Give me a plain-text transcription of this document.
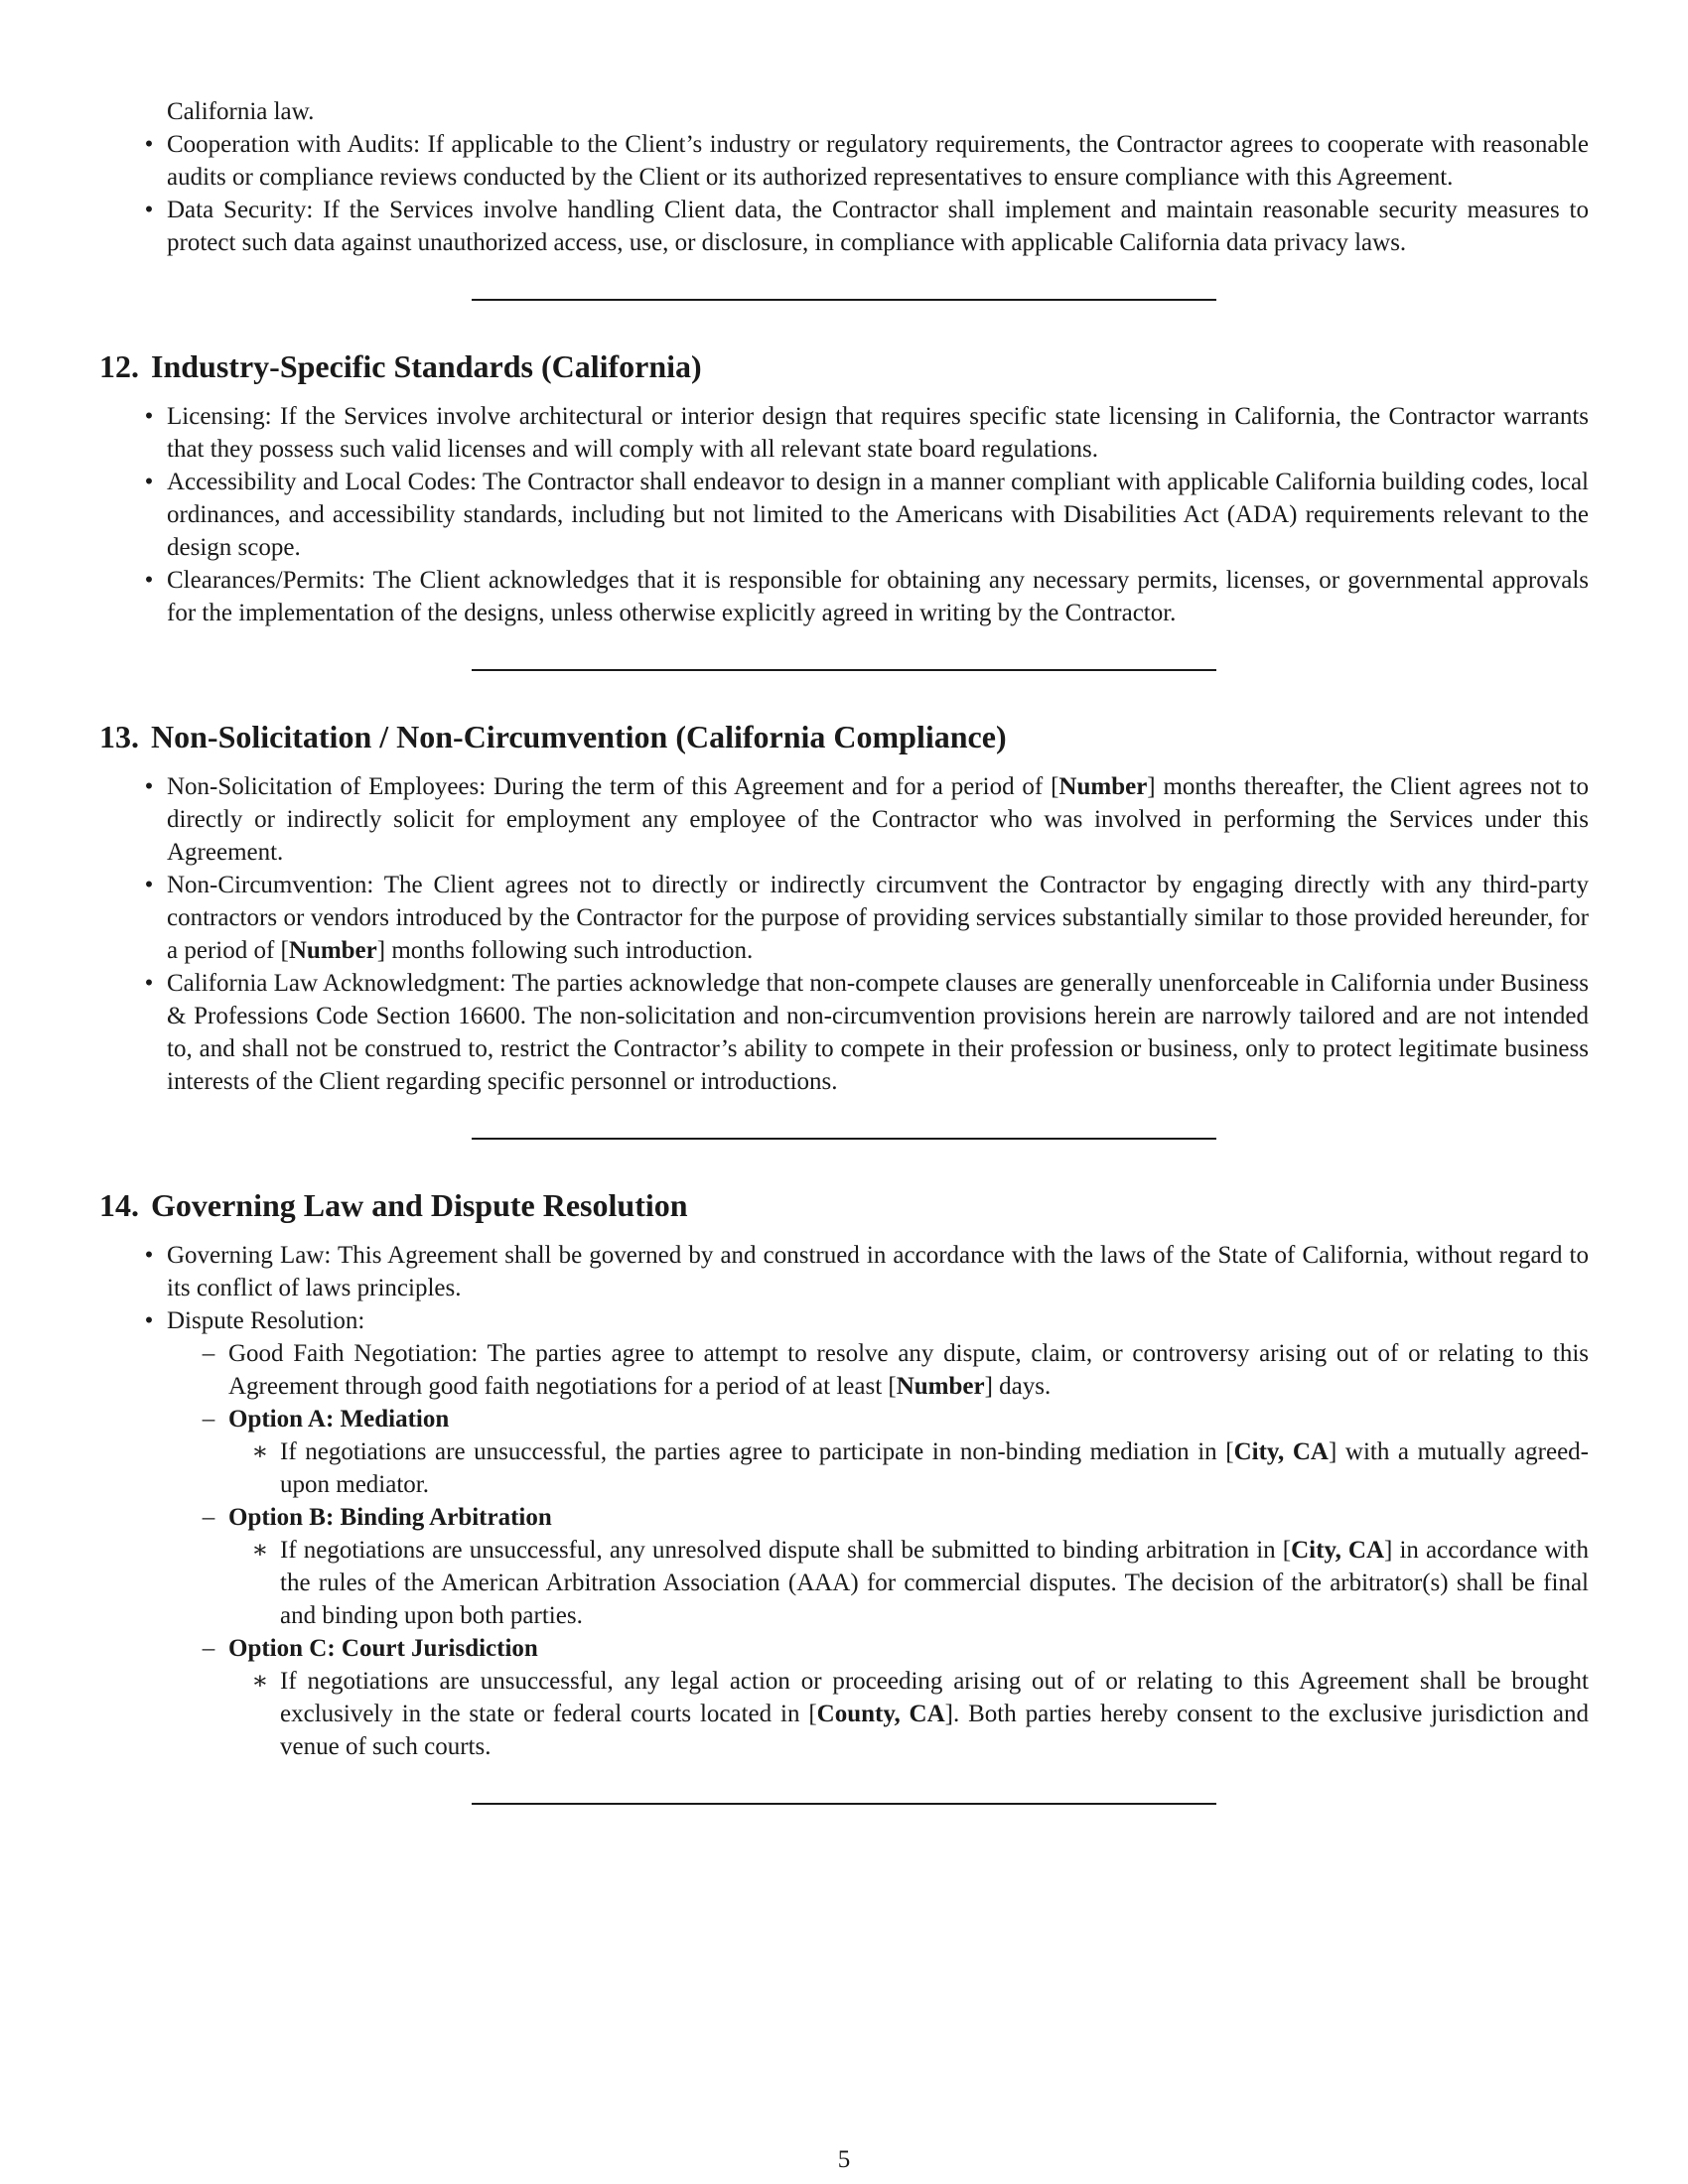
California law.
• Cooperation with Audits: If applicable to the Client’s industry or regulatory requirements, the Contractor agrees to cooperate with reasonable audits or compliance reviews conducted by the Client or its authorized representatives to ensure compliance with this Agreement.
• Data Security: If the Services involve handling Client data, the Contractor shall implement and maintain reasonable security measures to protect such data against unauthorized access, use, or disclosure, in compliance with applicable California data privacy laws.
12. Industry-Specific Standards (California)
• Licensing: If the Services involve architectural or interior design that requires specific state licensing in California, the Contractor warrants that they possess such valid licenses and will comply with all relevant state board regulations.
• Accessibility and Local Codes: The Contractor shall endeavor to design in a manner compliant with applicable California building codes, local ordinances, and accessibility standards, including but not limited to the Americans with Disabilities Act (ADA) requirements relevant to the design scope.
• Clearances/Permits: The Client acknowledges that it is responsible for obtaining any necessary permits, licenses, or governmental approvals for the implementation of the designs, unless otherwise explicitly agreed in writing by the Contractor.
13. Non-Solicitation / Non-Circumvention (California Compliance)
• Non-Solicitation of Employees: During the term of this Agreement and for a period of [Number] months thereafter, the Client agrees not to directly or indirectly solicit for employment any employee of the Contractor who was involved in performing the Services under this Agreement.
• Non-Circumvention: The Client agrees not to directly or indirectly circumvent the Contractor by engaging directly with any third-party contractors or vendors introduced by the Contractor for the purpose of providing services substantially similar to those provided hereunder, for a period of [Number] months following such introduction.
• California Law Acknowledgment: The parties acknowledge that non-compete clauses are generally unenforceable in California under Business & Professions Code Section 16600. The non-solicitation and non-circumvention provisions herein are narrowly tailored and are not intended to, and shall not be construed to, restrict the Contractor’s ability to compete in their profession or business, only to protect legitimate business interests of the Client regarding specific personnel or introductions.
14. Governing Law and Dispute Resolution
• Governing Law: This Agreement shall be governed by and construed in accordance with the laws of the State of California, without regard to its conflict of laws principles.
• Dispute Resolution:
– Good Faith Negotiation: The parties agree to attempt to resolve any dispute, claim, or controversy arising out of or relating to this Agreement through good faith negotiations for a period of at least [Number] days.
– Option A: Mediation
∗ If negotiations are unsuccessful, the parties agree to participate in non-binding mediation in [City, CA] with a mutually agreed-upon mediator.
– Option B: Binding Arbitration
∗ If negotiations are unsuccessful, any unresolved dispute shall be submitted to binding arbitration in [City, CA] in accordance with the rules of the American Arbitration Association (AAA) for commercial disputes. The decision of the arbitrator(s) shall be final and binding upon both parties.
– Option C: Court Jurisdiction
∗ If negotiations are unsuccessful, any legal action or proceeding arising out of or relating to this Agreement shall be brought exclusively in the state or federal courts located in [County, CA]. Both parties hereby consent to the exclusive jurisdiction and venue of such courts.
5
